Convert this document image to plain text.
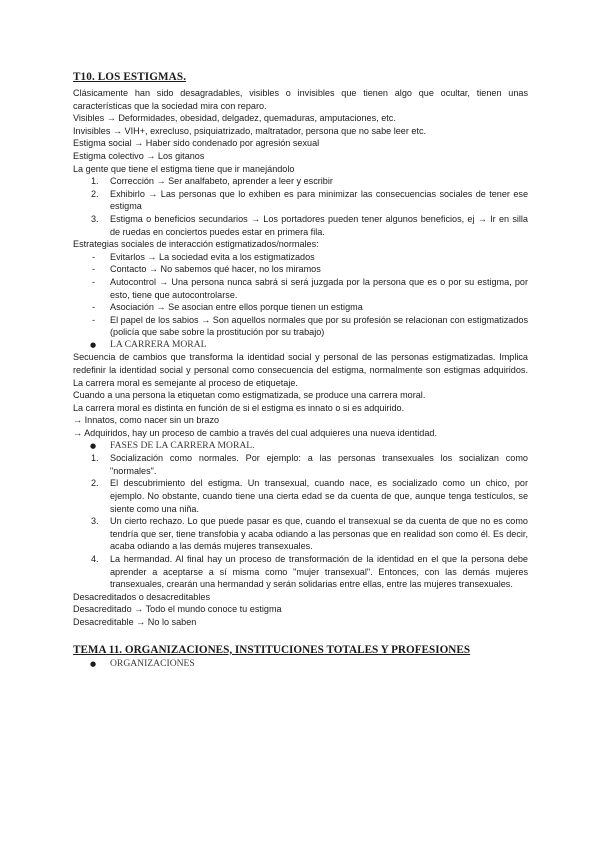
T10. LOS ESTIGMAS.

Clásicamente han sido desagradables, visibles o invisibles que tienen algo que ocultar, tienen unas características que la sociedad mira con reparo.

Visibles → Deformidades, obesidad, delgadez, quemaduras, amputaciones, etc.

Invisibles → VIH+, exrecluso, psiquiatrizado, maltratador, persona que no sabe leer etc.

Estigma social → Haber sido condenado por agresión sexual

Estigma colectivo → Los gitanos

La gente que tiene el estigma tiene que ir manejándolo

1. Corrección → Ser analfabeto, aprender a leer y escribir
2. Exhibirlo → Las personas que lo exhiben es para minimizar las consecuencias sociales de tener ese estigma
3. Estigma o beneficios secundarios → Los portadores pueden tener algunos beneficios, ej → Ir en silla de ruedas en conciertos puedes estar en primera fila.

Estrategias sociales de interacción estigmatizados/normales:

- Evitarlos → La sociedad evita a los estigmatizados
- Contacto → No sabemos qué hacer, no los miramos
- Autocontrol → Una persona nunca sabrá si será juzgada por la persona que es o por su estigma, por esto, tiene que autocontrolarse.
- Asociación → Se asocian entre ellos porque tienen un estigma
- El papel de los sabios → Son aquellos normales que por su profesión se relacionan con estigmatizados (policía que sabe sobre la prostitución por su trabajo)
● LA CARRERA MORAL

Secuencia de cambios que transforma la identidad social y personal de las personas estigmatizadas. Implica redefinir la identidad social y personal como consecuencia del estigma, normalmente son estigmas adquiridos. La carrera moral es semejante al proceso de etiquetaje.

Cuando a una persona la etiquetan como estigmatizada, se produce una carrera moral.

La carrera moral es distinta en función de si el estigma es innato o si es adquirido.

→ Innatos, como nacer sin un brazo

→ Adquiridos, hay un proceso de cambio a través del cual adquieres una nueva identidad.

● FASES DE LA CARRERA MORAL.
1. Socialización como normales. Por ejemplo: a las personas transexuales los socializan como "normales".
2. El descubrimiento del estigma. Un transexual, cuando nace, es socializado como un chico, por ejemplo. No obstante, cuando tiene una cierta edad se da cuenta de que, aunque tenga testículos, se siente como una niña.
3. Un cierto rechazo. Lo que puede pasar es que, cuando el transexual se da cuenta de que no es como tendría que ser, tiene transfobia y acaba odiando a las personas que en realidad son como él. Es decir, acaba odiando a las demás mujeres transexuales.
4. La hermandad. Al final hay un proceso de transformación de la identidad en el que la persona debe aprender a aceptarse a sí misma como "mujer transexual". Entonces, con las demás mujeres transexuales, crearán una hermandad y serán solidarias entre ellas, entre las mujeres transexuales.

Desacreditados o desacreditables

Desacreditado → Todo el mundo conoce tu estigma

Desacreditable → No lo saben

TEMA 11. ORGANIZACIONES, INSTITUCIONES TOTALES Y PROFESIONES
● ORGANIZACIONES
